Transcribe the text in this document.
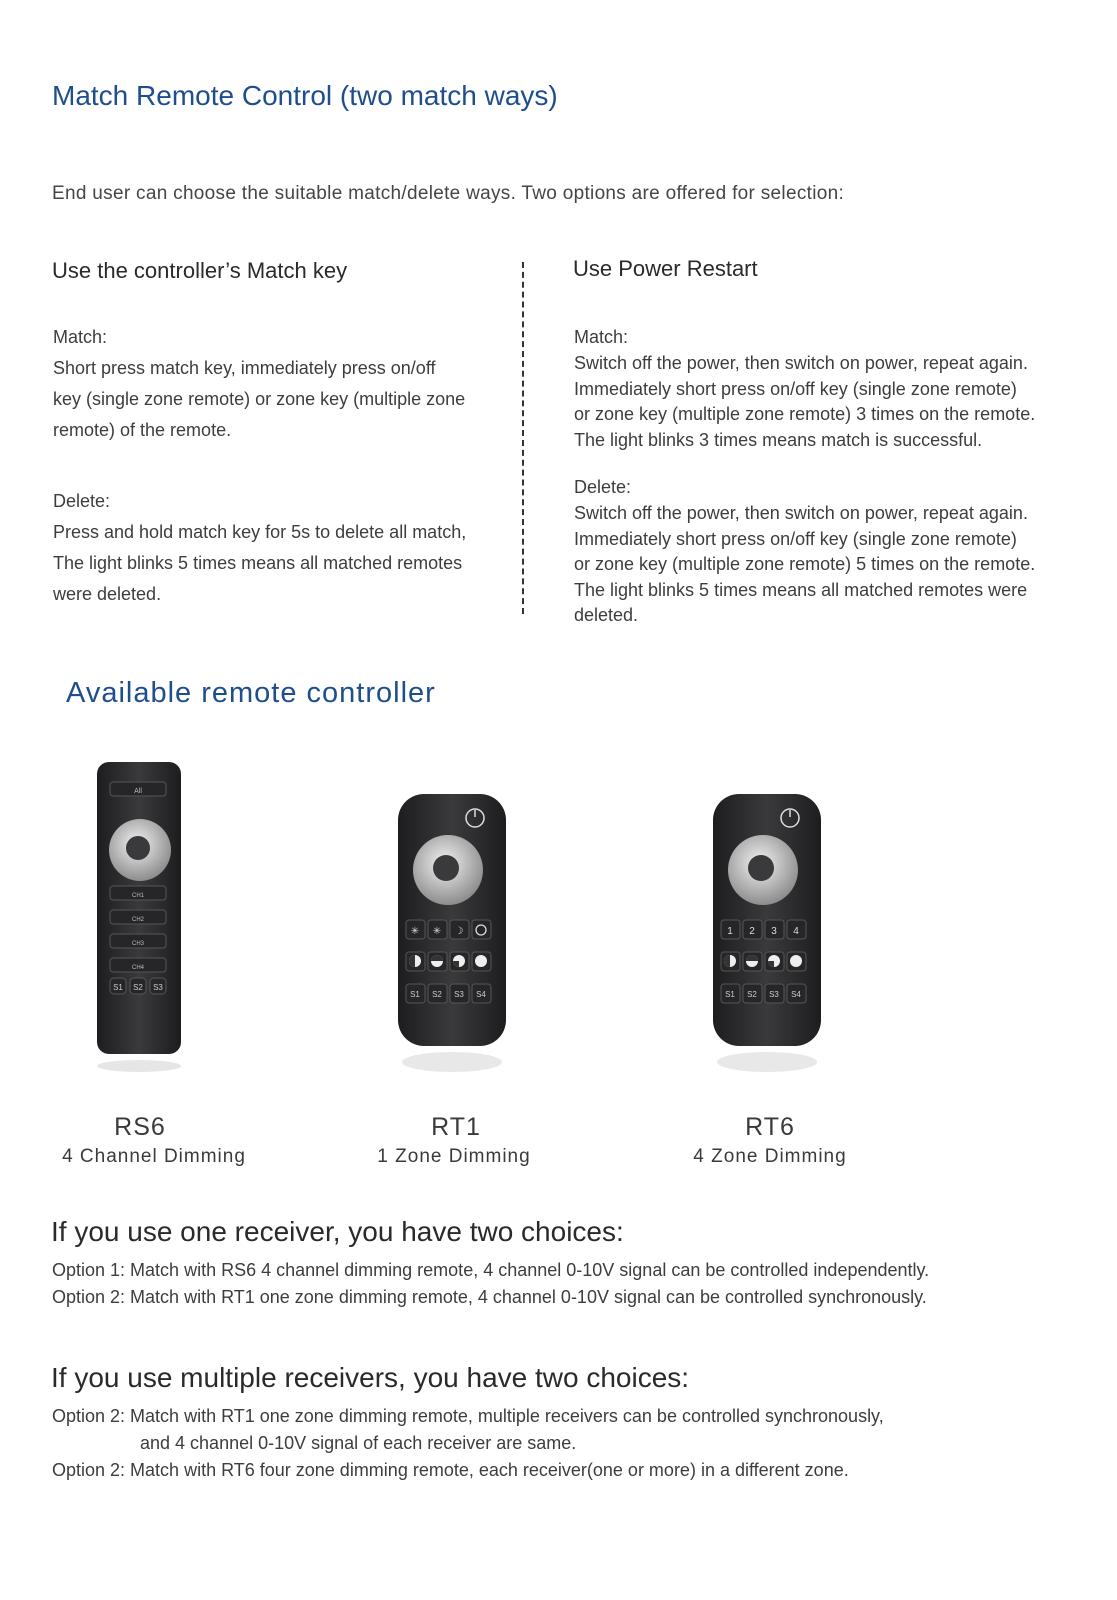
Match Remote Control (two match ways)
End user can choose the suitable match/delete ways. Two options are offered for selection:
Use the controller’s Match key
Match:
Short press match key, immediately press on/off
key (single zone remote) or zone key (multiple zone
remote) of the remote.
Delete:
Press and hold match key for 5s to delete all match,
The light blinks 5 times means all matched remotes
were deleted.
Use Power Restart
Match:
Switch off the power, then switch on power, repeat again.
Immediately short press on/off key (single zone remote)
or zone key (multiple zone remote) 3 times on the remote.
The light blinks 3 times means match is successful.
Delete:
Switch off the power, then switch on power, repeat again.
Immediately short press on/off key (single zone remote)
or zone key (multiple zone remote) 5 times on the remote.
The light blinks 5 times means all matched remotes were
deleted.
Available remote controller
All
CH1
CH2
CH3
CH4
S1 S2 S3
✳ ✳ ☽
S1 S2 S3 S4
1 2 3 4
S1 S2 S3 S4
RS6
4 Channel Dimming
RT1
1 Zone Dimming
RT6
4 Zone Dimming
If you use one receiver, you have two choices:
Option 1: Match with RS6 4 channel dimming remote, 4 channel 0-10V signal can be controlled independently.
Option 2: Match with RT1 one zone dimming remote, 4 channel 0-10V signal can be controlled synchronously.
If you use multiple receivers, you have two choices:
Option 2: Match with RT1 one zone dimming remote, multiple receivers can be controlled synchronously,
and 4 channel 0-10V signal of each receiver are same.
Option 2: Match with RT6 four zone dimming remote, each receiver(one or more) in a different zone.
